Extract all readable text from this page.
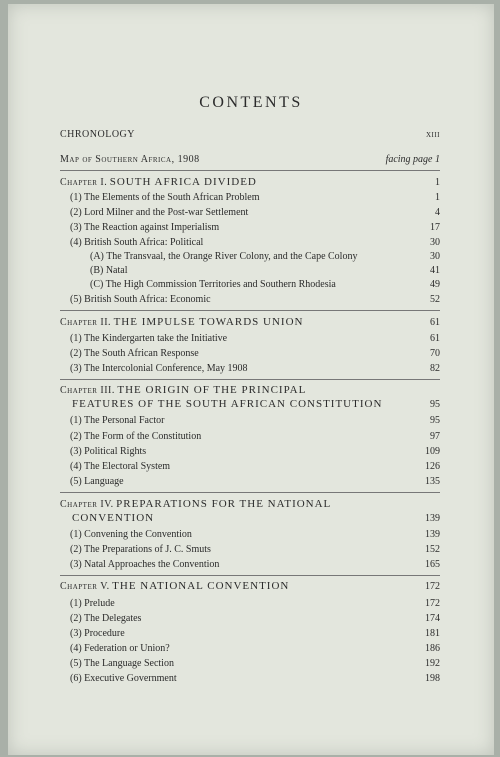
CONTENTS
CHRONOLOGY	xiii
Map of Southern Africa, 1908	facing page 1
Chapter I. SOUTH AFRICA DIVIDED	1
(1) The Elements of the South African Problem	1
(2) Lord Milner and the Post-war Settlement	4
(3) The Reaction against Imperialism	17
(4) British South Africa: Political	30
(A) The Transvaal, the Orange River Colony, and the Cape Colony	30
(B) Natal	41
(C) The High Commission Territories and Southern Rhodesia	49
(5) British South Africa: Economic	52
Chapter II. THE IMPULSE TOWARDS UNION	61
(1) The Kindergarten take the Initiative	61
(2) The South African Response	70
(3) The Intercolonial Conference, May 1908	82
Chapter III. THE ORIGIN OF THE PRINCIPAL
FEATURES OF THE SOUTH AFRICAN CONSTITUTION	95
(1) The Personal Factor	95
(2) The Form of the Constitution	97
(3) Political Rights	109
(4) The Electoral System	126
(5) Language	135
Chapter IV. PREPARATIONS FOR THE NATIONAL
CONVENTION	139
(1) Convening the Convention	139
(2) The Preparations of J. C. Smuts	152
(3) Natal Approaches the Convention	165
Chapter V. THE NATIONAL CONVENTION	172
(1) Prelude	172
(2) The Delegates	174
(3) Procedure	181
(4) Federation or Union?	186
(5) The Language Section	192
(6) Executive Government	198
